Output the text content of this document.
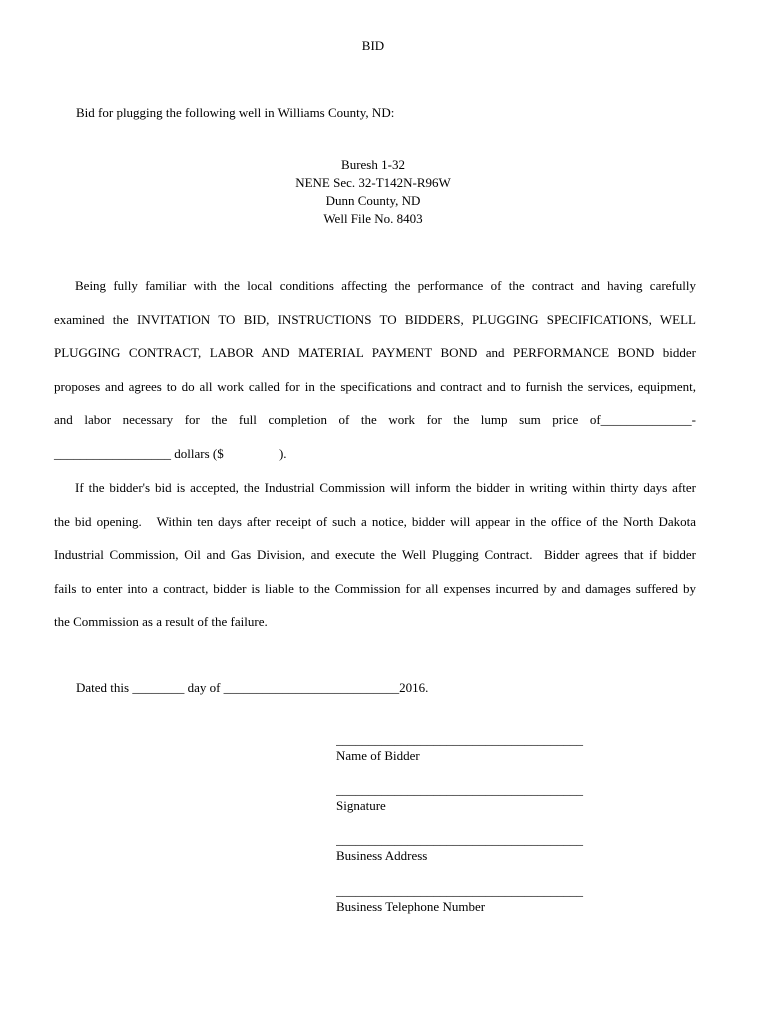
BID
Bid for plugging the following well in Williams County, ND:
Buresh 1-32
NENE Sec. 32-T142N-R96W
Dunn County, ND
Well File No. 8403
Being fully familiar with the local conditions affecting the performance of the contract and having carefully
examined the INVITATION TO BID, INSTRUCTIONS TO BIDDERS, PLUGGING SPECIFICATIONS, WELL
PLUGGING CONTRACT, LABOR AND MATERIAL PAYMENT BOND and PERFORMANCE BOND bidder
proposes and agrees to do all work called for in the specifications and contract and to furnish the services, equipment,
and labor necessary for the full completion of the work for the lump sum price of______________-
__________________ dollars ($                 ).
If the bidder's bid is accepted, the Industrial Commission will inform the bidder in writing within thirty days after
the bid opening.   Within ten days after receipt of such a notice, bidder will appear in the office of the North Dakota
Industrial Commission, Oil and Gas Division, and execute the Well Plugging Contract.  Bidder agrees that if bidder
fails to enter into a contract, bidder is liable to the Commission for all expenses incurred by and damages suffered by
the Commission as a result of the failure.
Dated this ________ day of ___________________________2016.
______________________________________
Name of Bidder
______________________________________
Signature
______________________________________
Business Address
______________________________________
Business Telephone Number
